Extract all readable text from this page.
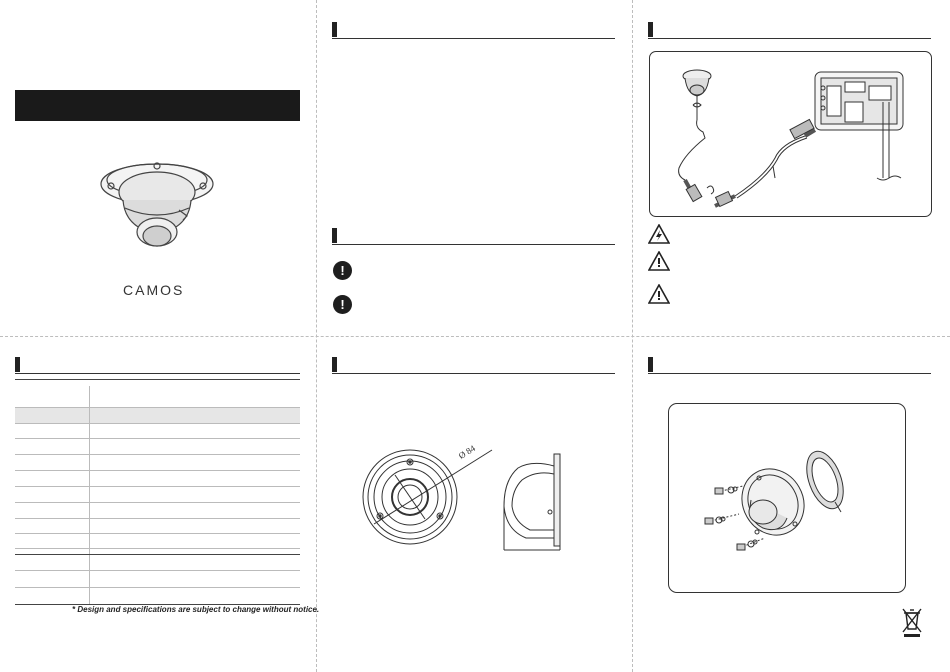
CAMOS
!
!
* Design and specifications are subject to change without notice.
Ø 84
